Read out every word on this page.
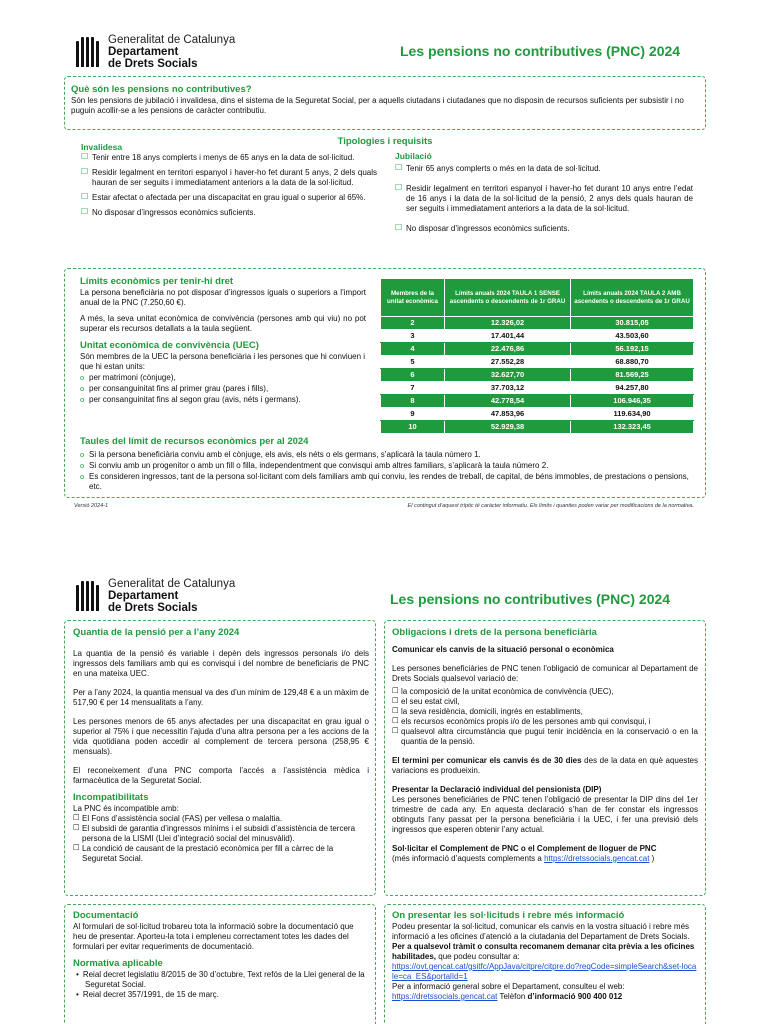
Generalitat de Catalunya
Departament
de Drets Socials
Les pensions no contributives (PNC) 2024
Què són les pensions no contributives?
Són les pensions de jubilació i invalidesa, dins el sistema de la Seguretat Social, per a aquells ciutadans i ciutadanes que no disposin de recursos suficients per subsistir i no puguin acollir-se a les pensions de caràcter contributiu.
Tipologies i requisits
Invalidesa
☐ Tenir entre 18 anys complerts i menys de 65 anys en la data de sol·licitud.
☐ Residir legalment en territori espanyol i haver-ho fet durant 5 anys, 2 dels quals hauran de ser seguits i immediatament anteriors a la data de la sol·licitud.
☐ Estar afectat o afectada per una discapacitat en grau igual o superior al 65%.
☐ No disposar d’ingressos econòmics suficients.
Jubilació
☐ Tenir 65 anys complerts o més en la data de sol·licitud.
☐ Residir legalment en territori espanyol i haver-ho fet durant 10 anys entre l’edat de 16 anys i la data de la sol·licitud de la pensió, 2 anys dels quals hauran de ser seguits i immediatament anteriors a la data de la sol·licitud.
☐ No disposar d’ingressos econòmics suficients.
Límits econòmics per tenir-hi dret
La persona beneficiària no pot disposar d’ingressos iguals o superiors a l’import anual de la PNC (7.250,60 €).
A més, la seva unitat econòmica de convivència (persones amb qui viu) no pot superar els recursos detallats a la taula següent.
Unitat econòmica de convivència (UEC)
Són membres de la UEC la persona beneficiària i les persones que hi conviuen i que hi estan units:
o per matrimoni (cònjuge),
o per consanguinitat fins al primer grau (pares i fills),
o per consanguinitat fins al segon grau (avis, néts i germans).
Membres de la unitat econòmica	Límits anuals 2024 TAULA 1 SENSE ascendents o descendents de 1r GRAU	Límits anuals 2024 TAULA 2 AMB ascendents o descendents de 1r GRAU
2	12.326,02	30.815,05
3	17.401,44	43.503,60
4	22.476,86	56.192,15
5	27.552,28	68.880,70
6	32.627,70	81.569,25
7	37.703,12	94.257,80
8	42.778,54	106.946,35
9	47.853,96	119.634,90
10	52.929,38	132.323,45
Taules del límit de recursos econòmics per al 2024
o Si la persona beneficiària conviu amb el cònjuge, els avis, els néts o els germans, s’aplicarà la taula número 1.
o Si conviu amb un progenitor o amb un fill o filla, independentment que convisqui amb altres familiars, s’aplicarà la taula número 2.
o Es consideren ingressos, tant de la persona sol·licitant com dels familiars amb qui conviu, les rendes de treball, de capital, de béns immobles, de prestacions o pensions, etc.
Versió 2024-1	El contingut d’aquest tríptic té caràcter informatiu. Els límits i quanties poden variar per modificacions de la normativa.
Generalitat de Catalunya
Departament
de Drets Socials
Les pensions no contributives (PNC) 2024
Quantia de la pensió per a l’any 2024
La quantia de la pensió és variable i depèn dels ingressos personals i/o dels ingressos dels familiars amb qui es convisqui i del nombre de beneficiaris de PNC en una mateixa UEC.
Per a l’any 2024, la quantia mensual va des d’un mínim de 129,48 € a un màxim de 517,90 € per 14 mensualitats a l’any.
Les persones menors de 65 anys afectades per una discapacitat en grau igual o superior al 75% i que necessitin l’ajuda d’una altra persona per a les accions de la vida quotidiana poden accedir al complement de tercera persona (258,95 € mensuals).
El reconeixement d’una PNC comporta l’accés a l’assistència mèdica i farmacèutica de la Seguretat Social.
Incompatibilitats
La PNC és incompatible amb:
☐ El Fons d’assistència social (FAS) per vellesa o malaltia.
☐ El subsidi de garantia d’ingressos mínims i el subsidi d’assistència de tercera persona de la LISMI (Llei d’integració social del minusvàlid).
☐ La condició de causant de la prestació econòmica per fill a càrrec de la Seguretat Social.
Obligacions i drets de la persona beneficiària
Comunicar els canvis de la situació personal o econòmica
Les persones beneficiàries de PNC tenen l’obligació de comunicar al Departament de Drets Socials qualsevol variació de:
☐ la composició de la unitat econòmica de convivència (UEC),
☐ el seu estat civil,
☐ la seva residència, domicili, ingrés en establiments,
☐ els recursos econòmics propis i/o de les persones amb qui convisqui, i
☐ qualsevol altra circumstància que pugui tenir incidència en la conservació o en la quantia de la pensió.
El termini per comunicar els canvis és de 30 dies des de la data en què aquestes variacions es produeixin.
Presentar la Declaració individual del pensionista (DIP)
Les persones beneficiàries de PNC tenen l’obligació de presentar la DIP dins del 1er trimestre de cada any. En aquesta declaració s’han de fer constar els ingressos obtinguts l’any passat per la persona beneficiària i la UEC, i fer una previsió dels ingressos que esperen obtenir l’any actual.
Sol·licitar el Complement de PNC o el Complement de lloguer de PNC
(més informació d’aquests complements a https://dretssocials.gencat.cat )
Documentació
Al formulari de sol·licitud trobareu tota la informació sobre la documentació que heu de presentar. Aporteu-la tota i empleneu correctament totes les dades del formulari per evitar requeriments de documentació.
Normativa aplicable
• Reial decret legislatiu 8/2015 de 30 d’octubre, Text refós de la Llei general de la Seguretat Social.
• Reial decret 357/1991, de 15 de març.
On presentar les sol·licituds i rebre més informació
Podeu presentar la sol·licitud, comunicar els canvis en la vostra situació i rebre més informació a les oficines d’atenció a la ciutadania del Departament de Drets Socials.
Per a qualsevol tràmit o consulta recomanem demanar cita prèvia a les oficines habilitades, que podeu consultar a:
https://ovt.gencat.cat/gsitfc/AppJava/citpre/citpre.do?reqCode=simpleSearch&set-locale=ca_ES&portalId=1
Per a informació general sobre el Departament, consulteu el web:
https://dretssocials.gencat.cat Telèfon d’informació 900 400 012
